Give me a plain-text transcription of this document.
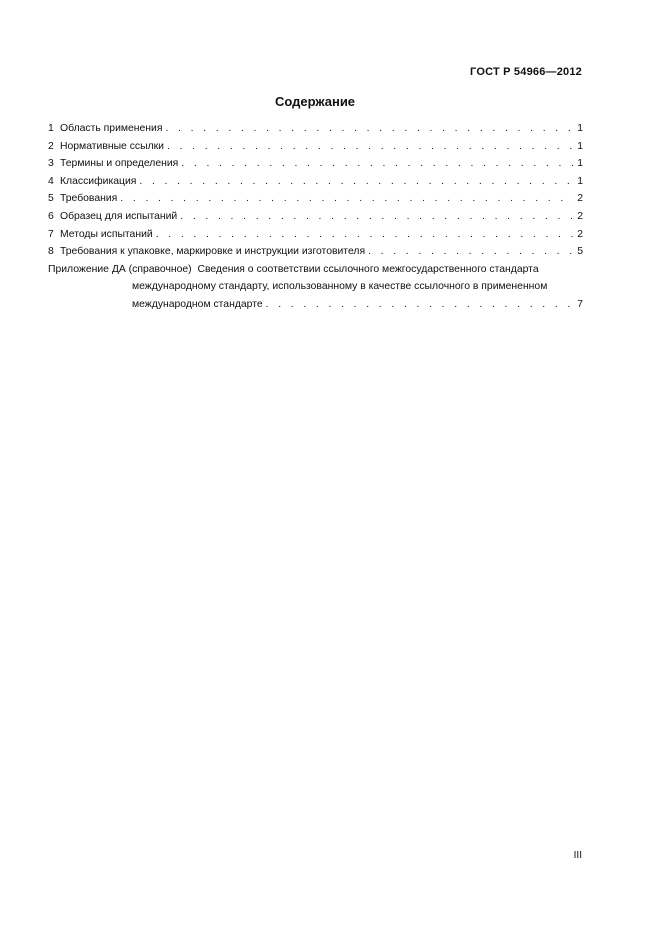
ГОСТ Р 54966—2012
Содержание
1 Область применения . . .	1
2 Нормативные ссылки . . .	1
3 Термины и определения . . .	1
4 Классификация . . .	1
5 Требования . . .	2
6 Образец для испытаний . . .	2
7 Методы испытаний . . .	2
8 Требования к упаковке, маркировке и инструкции изготовителя . . .	5
Приложение ДА (справочное) Сведения о соответствии ссылочного межгосударственного стандарта
международному стандарту, использованному в качестве ссылочного в примененном
международном стандарте . . .	7
III
